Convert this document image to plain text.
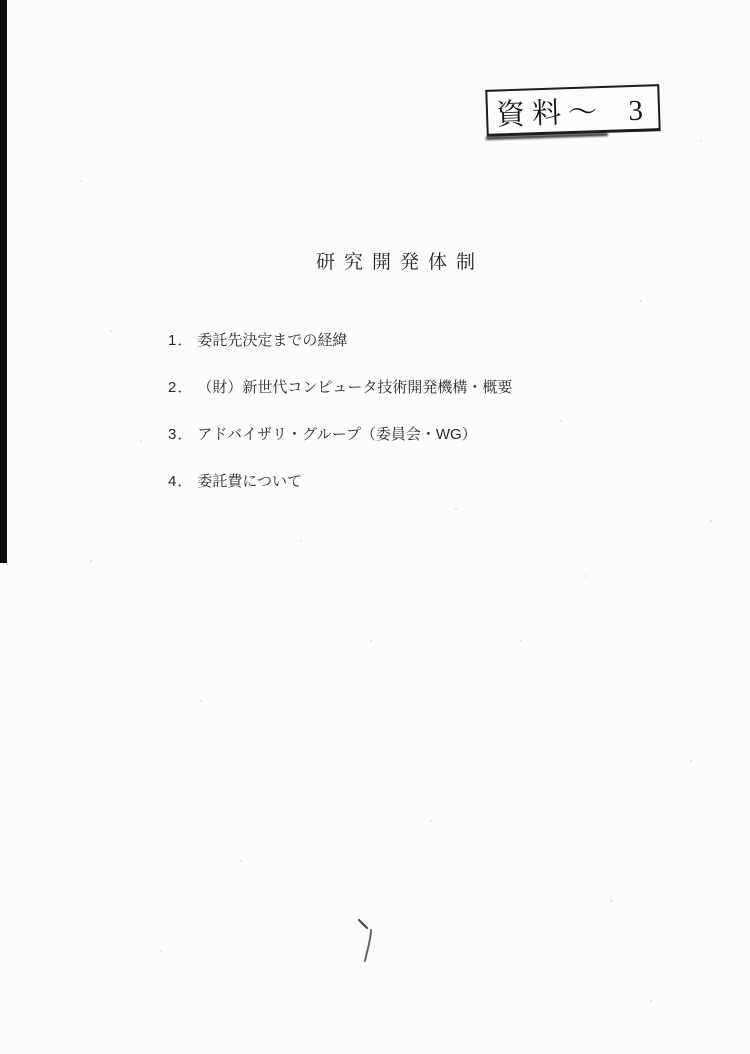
資料～ 3
研究開発体制
1． 委託先決定までの経緯
2． （財）新世代コンピュータ技術開発機構・概要
3． アドバイザリ・グループ（委員会・WG）
4． 委託費について
